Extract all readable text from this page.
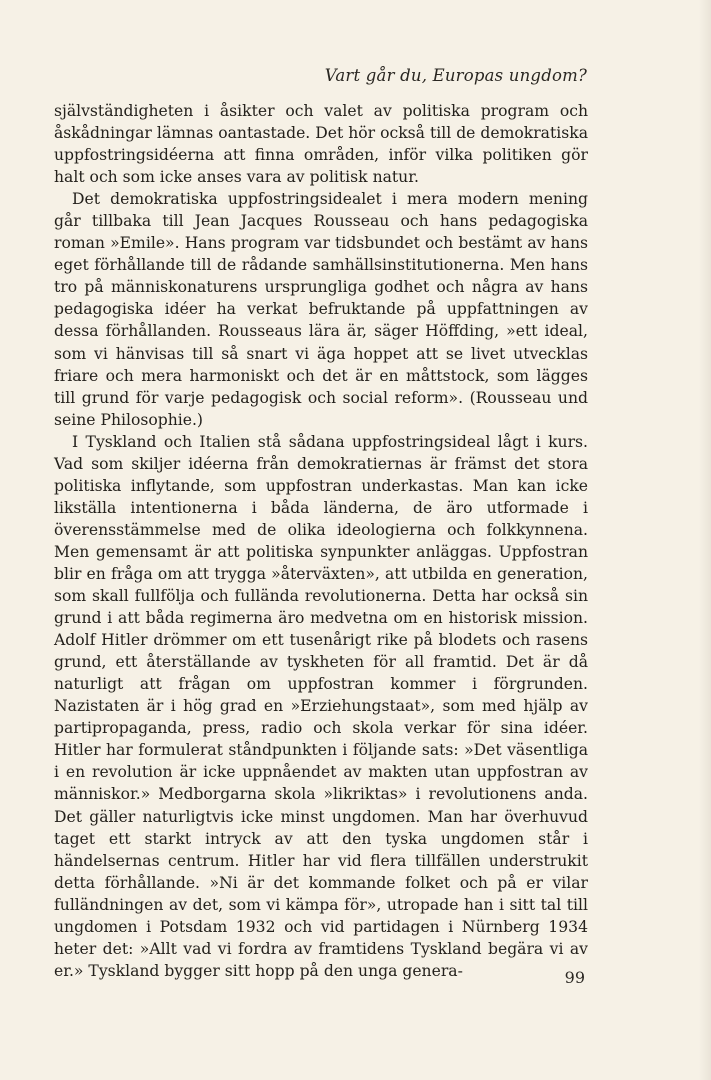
Vart går du, Europas ungdom?

självständigheten i åsikter och valet av politiska program och åskådningar lämnas oantastade. Det hör också till de demokratiska uppfostringsidéerna att finna områden, inför vilka politiken gör halt och som icke anses vara av politisk natur.

Det demokratiska uppfostringsidealet i mera modern mening går tillbaka till Jean Jacques Rousseau och hans pedagogiska roman »Emile». Hans program var tidsbundet och bestämt av hans eget förhållande till de rådande samhällsinstitutionerna. Men hans tro på människonaturens ursprungliga godhet och några av hans pedagogiska idéer ha verkat befruktande på uppfattningen av dessa förhållanden. Rousseaus lära är, säger Höffding, »ett ideal, som vi hänvisas till så snart vi äga hoppet att se livet utvecklas friare och mera harmoniskt och det är en måttstock, som lägges till grund för varje pedagogisk och social reform». (Rousseau und seine Philosophie.)

I Tyskland och Italien stå sådana uppfostringsideal lågt i kurs. Vad som skiljer idéerna från demokratiernas är främst det stora politiska inflytande, som uppfostran underkastas. Man kan icke likställa intentionerna i båda länderna, de äro utformade i överensstämmelse med de olika ideologierna och folkkynnena. Men gemensamt är att politiska synpunkter anläggas. Uppfostran blir en fråga om att trygga »återväxten», att utbilda en generation, som skall fullfölja och fullända revolutionerna. Detta har också sin grund i att båda regimerna äro medvetna om en historisk mission. Adolf Hitler drömmer om ett tusenårigt rike på blodets och rasens grund, ett återställande av tyskheten för all framtid. Det är då naturligt att frågan om uppfostran kommer i förgrunden. Nazistaten är i hög grad en »Erziehungstaat», som med hjälp av partipropaganda, press, radio och skola verkar för sina idéer. Hitler har formulerat ståndpunkten i följande sats: »Det väsentliga i en revolution är icke uppnåendet av makten utan uppfostran av människor.» Medborgarna skola »likriktas» i revolutionens anda. Det gäller naturligtvis icke minst ungdomen. Man har överhuvud taget ett starkt intryck av att den tyska ungdomen står i händelsernas centrum. Hitler har vid flera tillfällen understrukit detta förhållande. »Ni är det kommande folket och på er vilar fulländningen av det, som vi kämpa för», utropade han i sitt tal till ungdomen i Potsdam 1932 och vid partidagen i Nürnberg 1934 heter det: »Allt vad vi fordra av framtidens Tyskland begära vi av er.» Tyskland bygger sitt hopp på den unga genera-	99
